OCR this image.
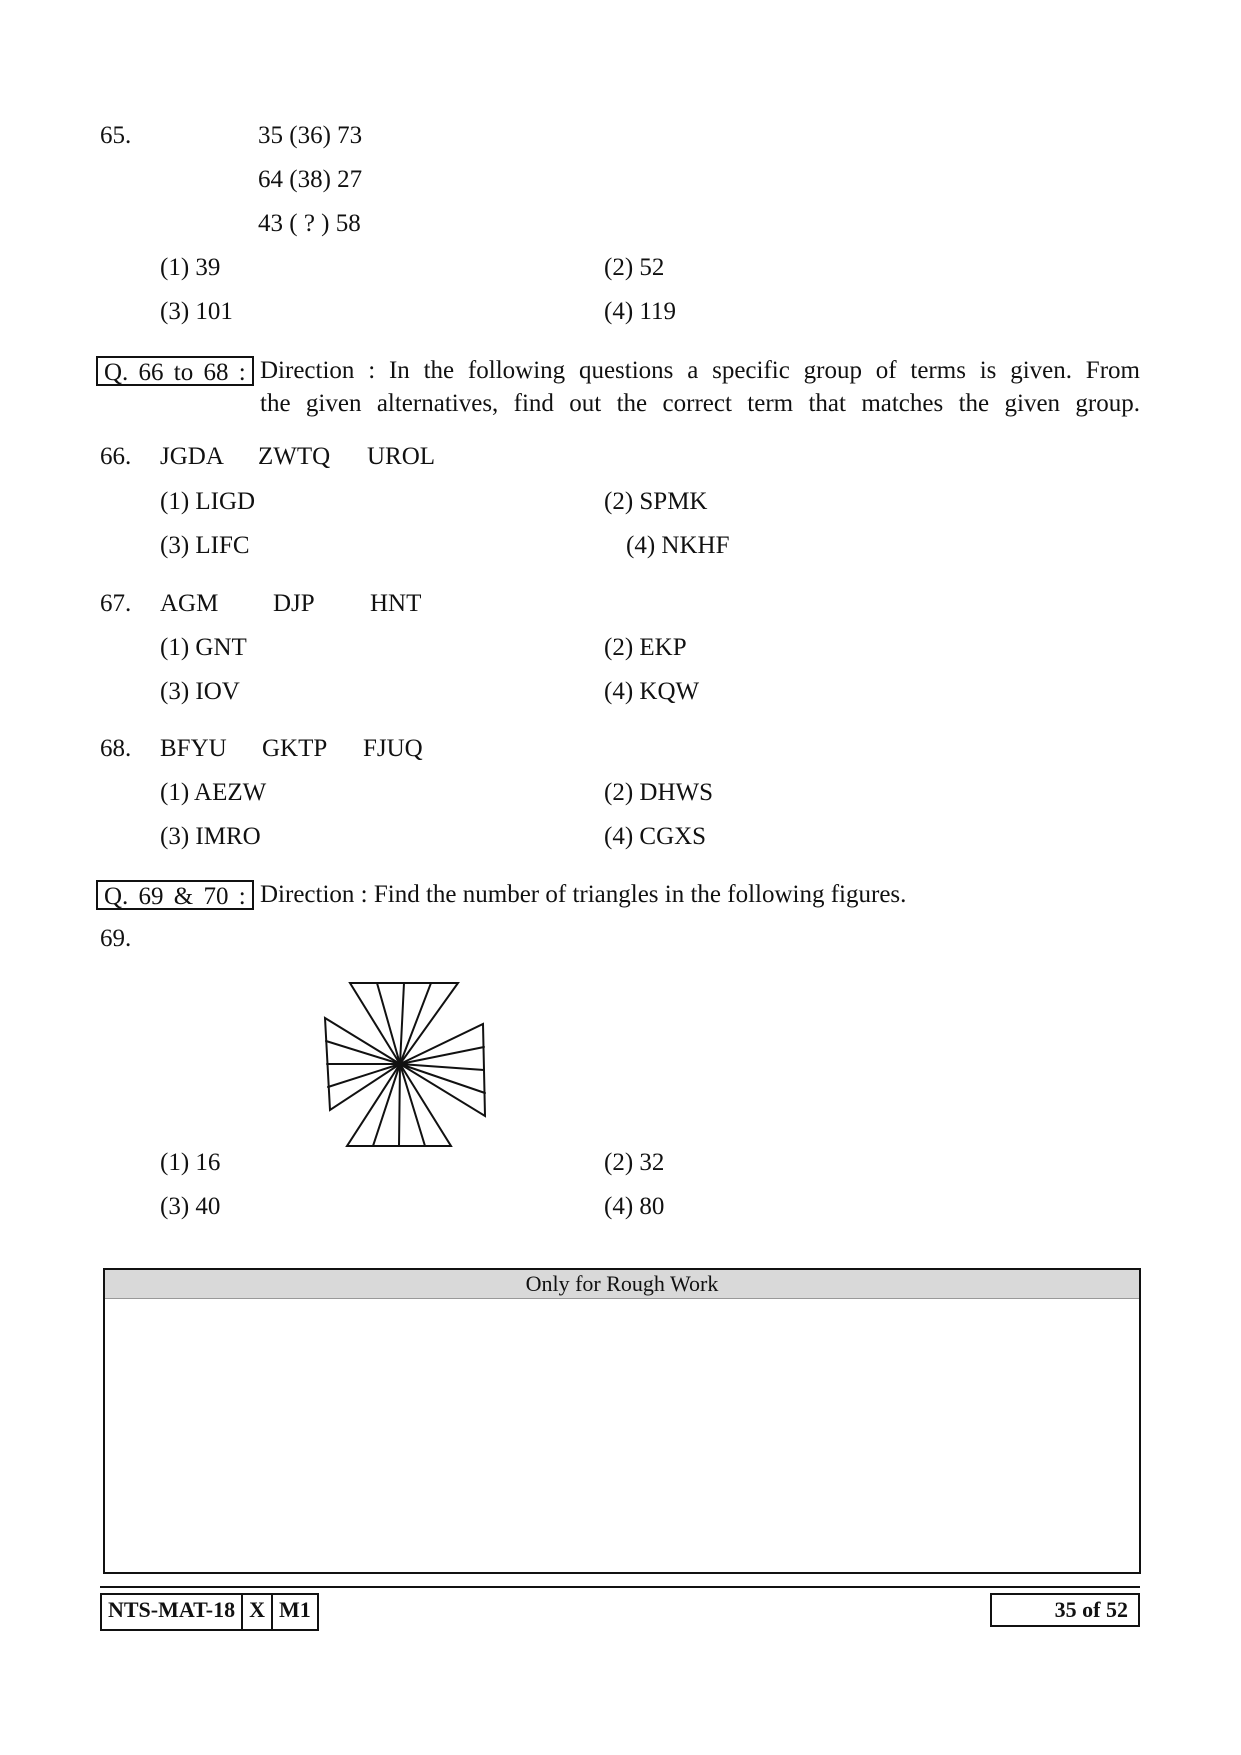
65.	35 (36) 73
64 (38) 27
43 ( ? ) 58
(1) 39	(2) 52
(3) 101	(4) 119
Q. 66 to 68 : Direction : In the following questions a specific group of terms is given. From
the given alternatives, find out the correct term that matches the given group.
66. JGDA ZWTQ UROL
(1) LIGD	(2) SPMK
(3) LIFC	(4) NKHF
67. AGM DJP HNT
(1) GNT	(2) EKP
(3) IOV	(4) KQW
68. BFYU GKTP FJUQ
(1) AEZW	(2) DHWS
(3) IMRO	(4) CGXS
Q. 69 & 70 : Direction : Find the number of triangles in the following figures.
69.
(1) 16	(2) 32
(3) 40	(4) 80
Only for Rough Work
NTS-MAT-18 X M1	35 of 52
